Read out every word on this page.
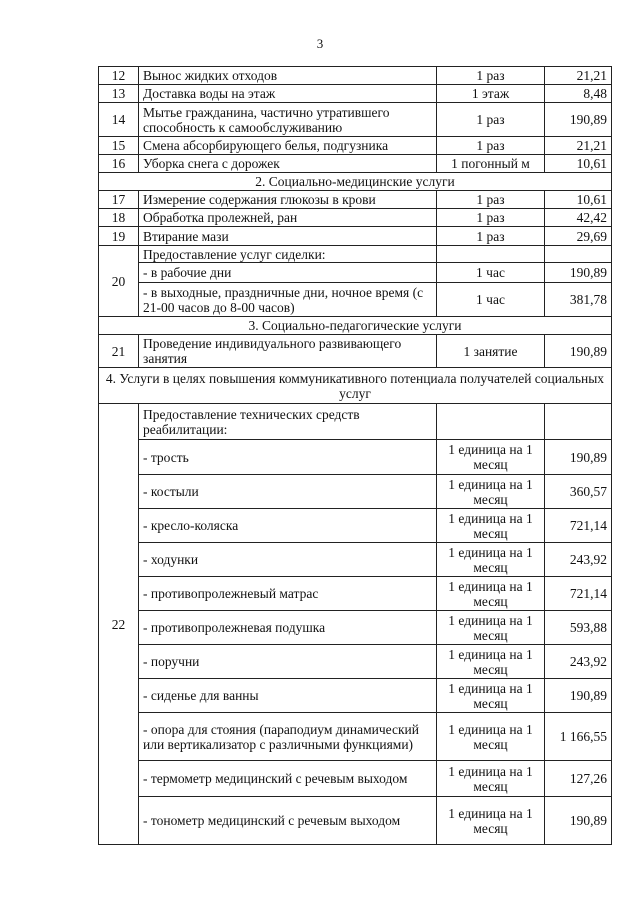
3
12	Вынос жидких отходов	1 раз	21,21
13	Доставка воды на этаж	1 этаж	8,48
14	Мытье гражданина, частично утратившего способность к самообслуживанию	1 раз	190,89
15	Смена абсорбирующего белья, подгузника	1 раз	21,21
16	Уборка снега с дорожек	1 погонный м	10,61
2. Социально-медицинские услуги			
17	Измерение содержания глюкозы в крови	1 раз	10,61
18	Обработка пролежней, ран	1 раз	42,42
19	Втирание мази	1 раз	29,69
20	Предоставление услуг сиделки:		
	- в рабочие дни	1 час	190,89
	- в выходные, праздничные дни, ночное время (с 21-00 часов до 8-00 часов)	1 час	381,78
3. Социально-педагогические услуги			
21	Проведение индивидуального развивающего занятия	1 занятие	190,89
4. Услуги в целях повышения коммуникативного потенциала получателей социальных услуг			
22	Предоставление технических средств реабилитации:		
	- трость	1 единица на 1 месяц	190,89
	- костыли	1 единица на 1 месяц	360,57
	- кресло-коляска	1 единица на 1 месяц	721,14
	- ходунки	1 единица на 1 месяц	243,92
	- противопролежневый матрас	1 единица на 1 месяц	721,14
	- противопролежневая подушка	1 единица на 1 месяц	593,88
	- поручни	1 единица на 1 месяц	243,92
	- сиденье для ванны	1 единица на 1 месяц	190,89
	- опора для стояния (параподиум динамический или вертикализатор с различными функциями)	1 единица на 1 месяц	1 166,55
	- термометр медицинский с речевым выходом	1 единица на 1 месяц	127,26
	- тонометр медицинский с речевым выходом	1 единица на 1 месяц	190,89
